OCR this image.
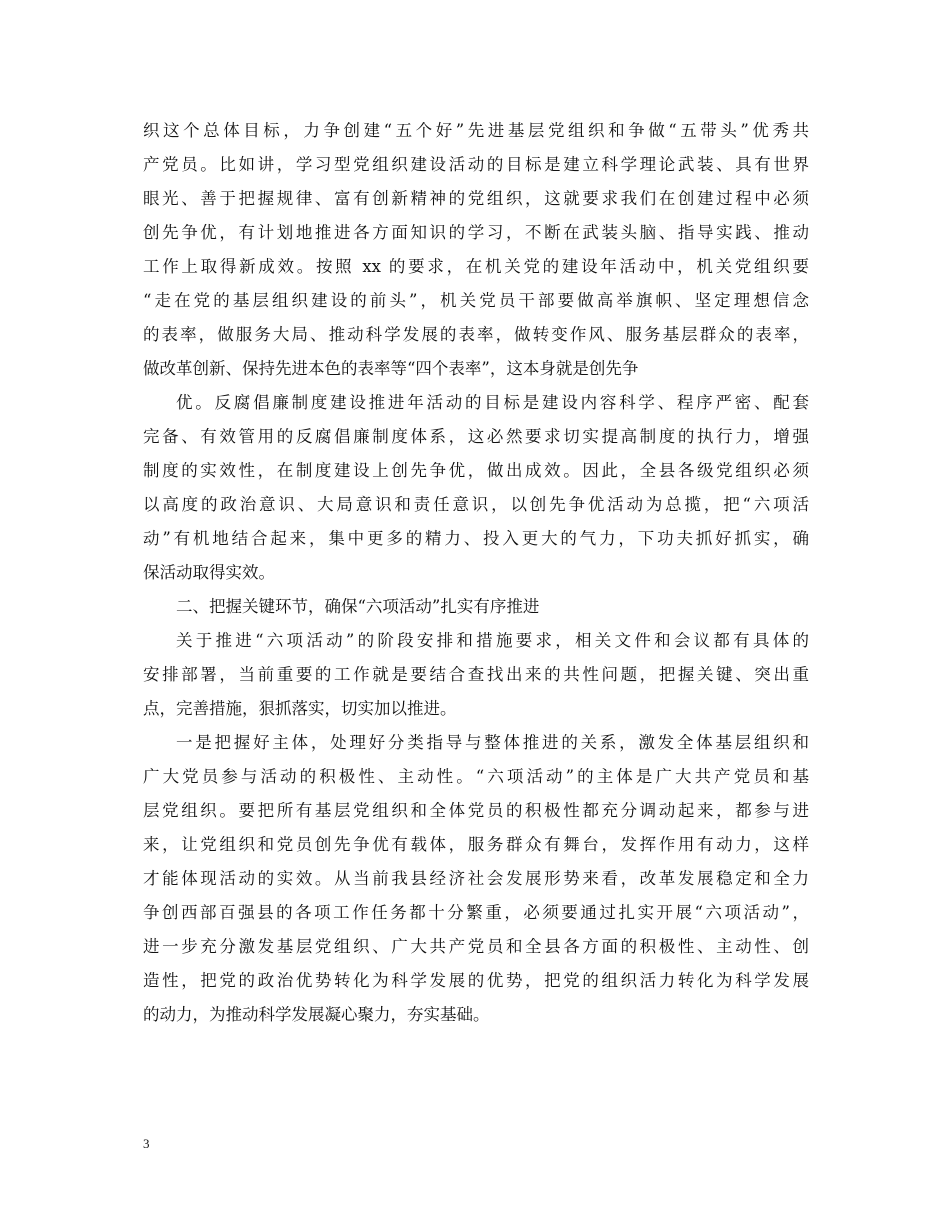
织这个总体目标，力争创建“五个好”先进基层党组织和争做“五带头”优秀共
产党员。比如讲，学习型党组织建设活动的目标是建立科学理论武装、具有世界
眼光、善于把握规律、富有创新精神的党组织，这就要求我们在创建过程中必须
创先争优，有计划地推进各方面知识的学习，不断在武装头脑、指导实践、推动
工作上取得新成效。按照 xx 的要求，在机关党的建设年活动中，机关党组织要
“走在党的基层组织建设的前头”，机关党员干部要做高举旗帜、坚定理想信念
的表率，做服务大局、推动科学发展的表率，做转变作风、服务基层群众的表率，
做改革创新、保持先进本色的表率等“四个表率”，这本身就是创先争
优。反腐倡廉制度建设推进年活动的目标是建设内容科学、程序严密、配套
完备、有效管用的反腐倡廉制度体系，这必然要求切实提高制度的执行力，增强
制度的实效性，在制度建设上创先争优，做出成效。因此，全县各级党组织必须
以高度的政治意识、大局意识和责任意识，以创先争优活动为总揽，把“六项活
动”有机地结合起来，集中更多的精力、投入更大的气力，下功夫抓好抓实，确
保活动取得实效。
二、把握关键环节，确保“六项活动”扎实有序推进
关于推进“六项活动”的阶段安排和措施要求，相关文件和会议都有具体的
安排部署，当前重要的工作就是要结合查找出来的共性问题，把握关键、突出重
点，完善措施，狠抓落实，切实加以推进。
一是把握好主体，处理好分类指导与整体推进的关系，激发全体基层组织和
广大党员参与活动的积极性、主动性。“六项活动”的主体是广大共产党员和基
层党组织。要把所有基层党组织和全体党员的积极性都充分调动起来，都参与进
来，让党组织和党员创先争优有载体，服务群众有舞台，发挥作用有动力，这样
才能体现活动的实效。从当前我县经济社会发展形势来看，改革发展稳定和全力
争创西部百强县的各项工作任务都十分繁重，必须要通过扎实开展“六项活动”，
进一步充分激发基层党组织、广大共产党员和全县各方面的积极性、主动性、创
造性，把党的政治优势转化为科学发展的优势，把党的组织活力转化为科学发展
的动力，为推动科学发展凝心聚力，夯实基础。
3
